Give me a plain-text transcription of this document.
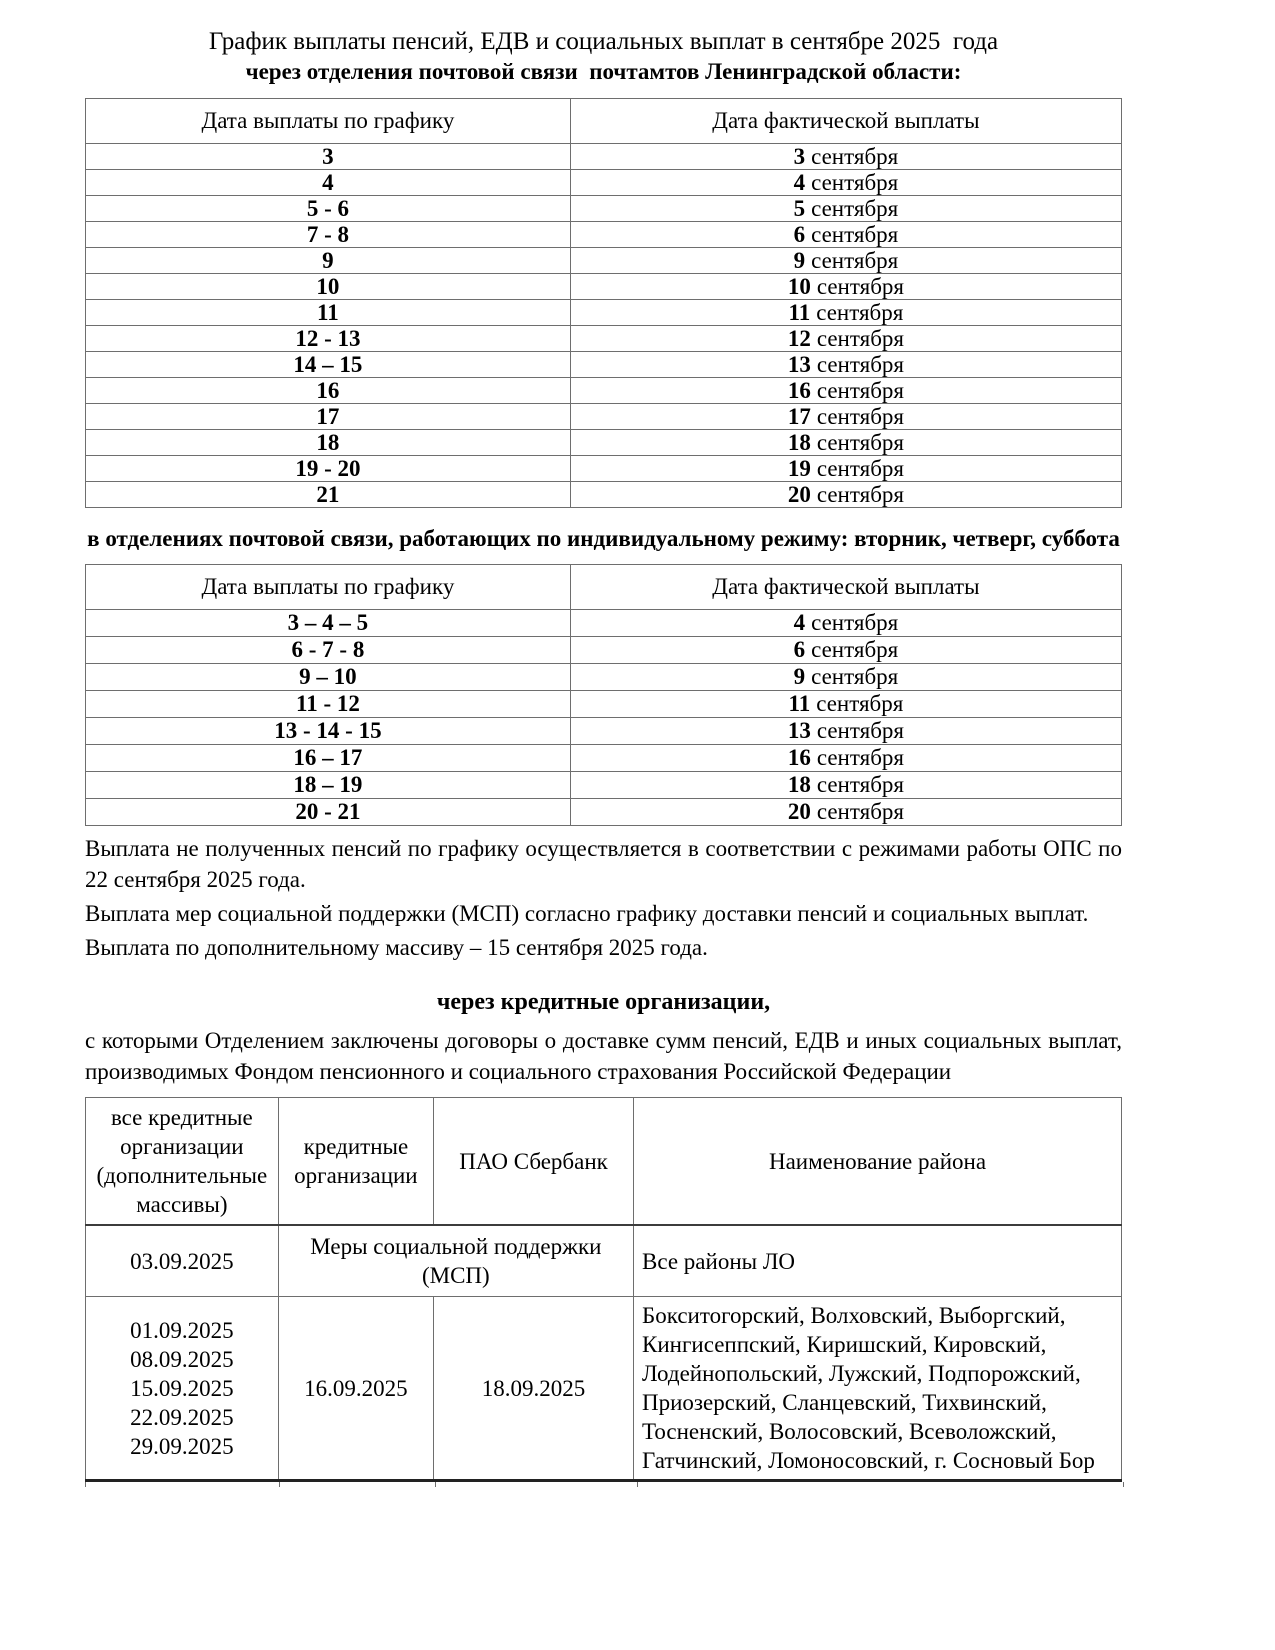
График выплаты пенсий, ЕДВ и социальных выплат в сентябре 2025  года
через отделения почтовой связи  почтамтов Ленинградской области:
Дата выплаты по графику	Дата фактической выплаты
3	3 сентября
4	4 сентября
5 - 6	5 сентября
7 - 8	6 сентября
9	9 сентября
10	10 сентября
11	11 сентября
12 - 13	12 сентября
14 – 15	13 сентября
16	16 сентября
17	17 сентября
18	18 сентября
19 - 20	19 сентября
21	20 сентября
в отделениях почтовой связи, работающих по индивидуальному режиму: вторник, четверг, суббота
Дата выплаты по графику	Дата фактической выплаты
3 – 4 – 5	4 сентября
6 - 7 - 8	6 сентября
9 – 10	9 сентября
11 - 12	11 сентября
13 - 14 - 15	13 сентября
16 – 17	16 сентября
18 – 19	18 сентября
20 - 21	20 сентября

Выплата не полученных пенсий по графику осуществляется в соответствии с режимами работы ОПС по 22 сентября 2025 года.

Выплата мер социальной поддержки (МСП) согласно графику доставки пенсий и социальных выплат.

Выплата по дополнительному массиву – 15 сентября 2025 года.

через кредитные организации,

с которыми Отделением заключены договоры о доставке сумм пенсий, ЕДВ и иных социальных выплат, производимых Фондом пенсионного и социального страхования Российской Федерации

все кредитные организации (дополнительные массивы)	кредитные организации	ПАО Сбербанк	Наименование района
03.09.2025	Меры социальной поддержки (МСП)		Все районы ЛО

01.09.2025
08.09.2025
15.09.2025
22.09.2025
29.09.2025
	16.09.2025	18.09.2025	Бокситогорский, Волховский, Выборгский, Кингисеппский, Киришский, Кировский, Лодейнопольский, Лужский, Подпорожский, Приозерский, Сланцевский, Тихвинский, Тосненский, Волосовский, Всеволожский, Гатчинский, Ломоносовский, г. Сосновый Бор
